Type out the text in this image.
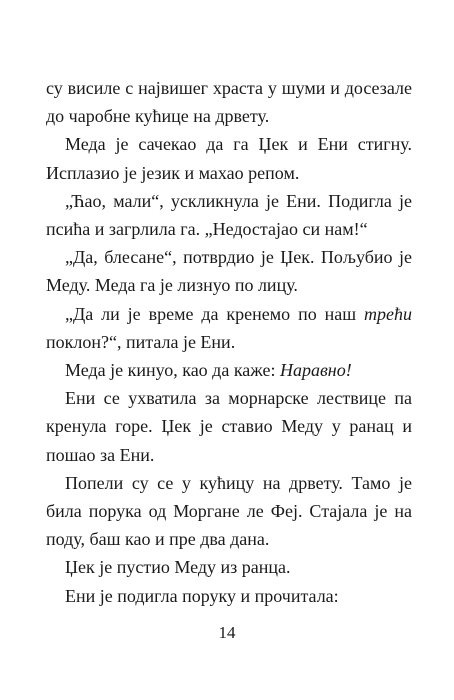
су висиле с највишег храста у шуми и досезале
до чаробне кућице на дрвету.

Меда је сачекао да га Џек и Ени стигну.
Исплазио је језик и махао репом.

„Ћао, мали“, ускликнула је Ени. Подигла је
псића и загрлила га. „Недостајао си нам!“

„Да, блесане“, потврдио је Џек. Пољубио је
Меду. Меда га је лизнуо по лицу.

„Да ли је време да кренемо по наш трећи
поклон?“, питала је Ени.

Меда је кинуо, као да каже: Наравно!

Ени се ухватила за морнарске лествице па
кренула горе. Џек је ставио Меду у ранац и
пошао за Ени.

Попели су се у кућицу на дрвету. Тамо је
била порука од Моргане ле Феј. Стајала је на
поду, баш као и пре два дана.

Џек је пустио Меду из ранца.

Ени је подигла поруку и прочитала:

14
